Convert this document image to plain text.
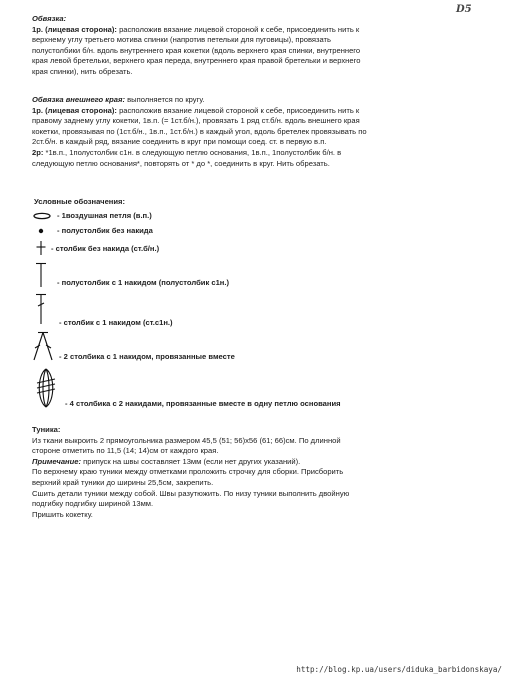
D5

Обвязка:

1р. (лицевая сторона): расположив вязание лицевой стороной к себе, присоединить нить к

верхнему углу третьего мотива спинки (напротив петельки для пуговицы), провязать

полустолбики б/н. вдоль внутреннего края кокетки (вдоль верхнего края спинки, внутреннего

края левой бретельки, верхнего края переда, внутреннего края правой бретельки и верхнего

края спинки), нить обрезать.

Обвязка внешнего края: выполняется по кругу.

1р. (лицевая сторона): расположив вязание лицевой стороной к себе, присоединить нить к

правому заднему углу кокетки, 1в.п. (= 1ст.б/н.), провязать 1 ряд ст.б/н. вдоль внешнего края

кокетки, провязывая по (1ст.б/н., 1в.п., 1ст.б/н.) в каждый угол, вдоль бретелек провязывать по

2ст.б/н. в каждый ряд, вязание соединить в круг при помощи соед. ст. в первую в.п.

2р: *1в.п., 1полустолбик с1н. в следующую петлю основания, 1в.п., 1полустолбик б/н. в

следующую петлю основания*, повторять от * до *, соединить в круг. Нить обрезать.

Условные обозначения:
- 1воздушная петля (в.п.)
- полустолбик без накида
- столбик без накида (ст.б/н.)
- полустолбик с 1 накидом (полустолбик с1н.)
- столбик с 1 накидом (ст.с1н.)
- 2 столбика с 1 накидом, провязанные вместе
- 4 столбика с 2 накидами, провязанные вместе в одну петлю основания

Туника:

Из ткани выкроить 2 прямоугольника размером 45,5 (51; 56)х56 (61; 66)см. По длинной

стороне отметить по 11,5 (14; 14)см от каждого края.

Примечание: припуск на швы составляет 13мм (если нет других указаний).

По верхнему краю туники между отметками проложить строчку для сборки. Присборить

верхний край туники до ширины 25,5см, закрепить.

Сшить детали туники между собой. Швы разутюжить. По низу туники выполнить двойную

подгибку подгибку шириной 13мм.

Пришить кокетку.

http://blog.kp.ua/users/diduka_barbidonskaya/
